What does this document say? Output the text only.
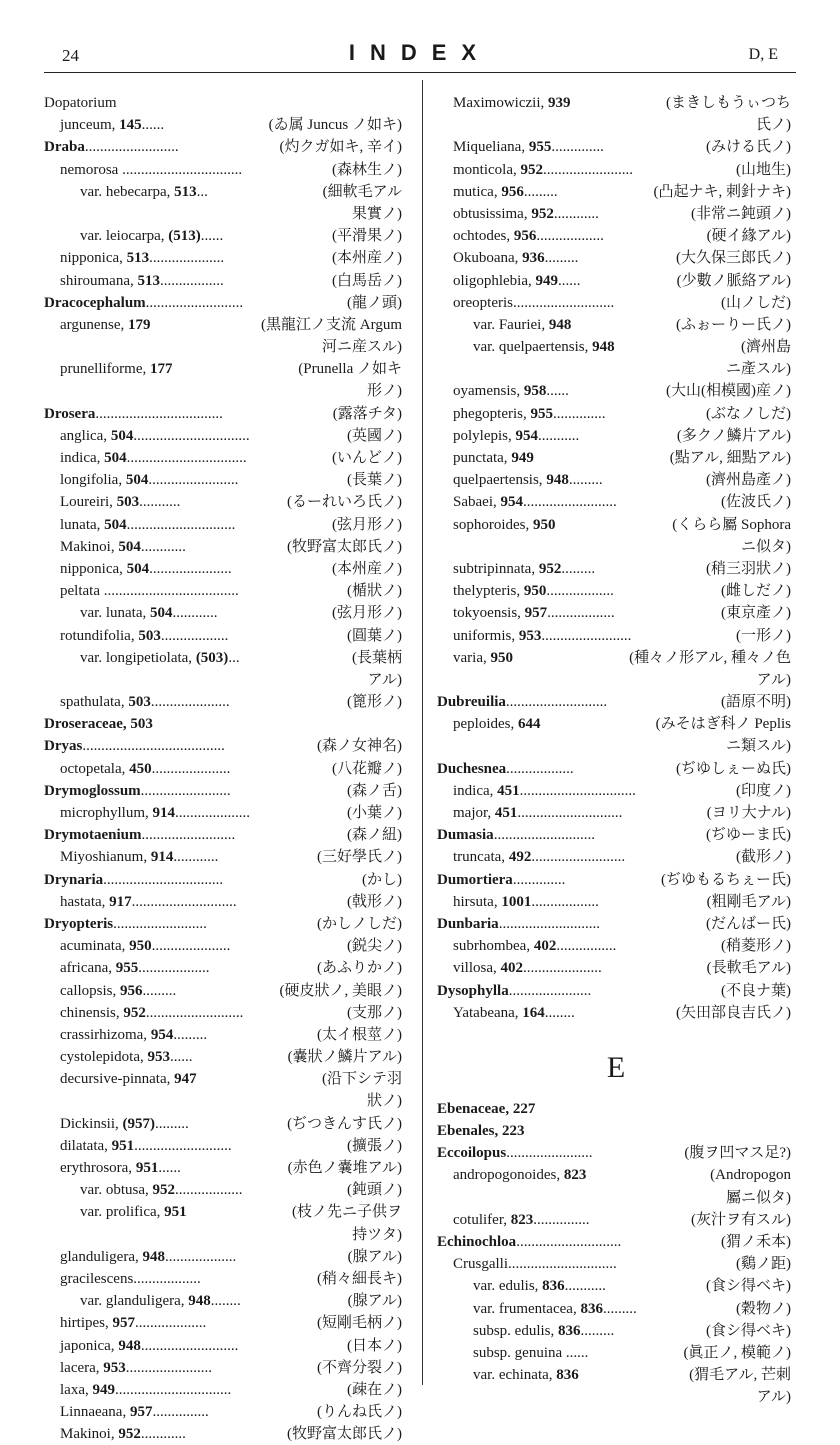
24	INDEX	D, E
Dopatorium
junceum, 145......	(ゐ属 Juncus ノ如キ)
Draba.........................	(灼クガ如キ, 辛イ)
nemorosa ................................	(森林生ノ)
var. hebecarpa, 513...	(細軟毛アル
果實ノ)
var. leiocarpa, (513)......	(平滑果ノ)
nipponica, 513....................	(本州産ノ)
shiroumana, 513.................	(白馬岳ノ)
Dracocephalum..........................	(龍ノ頭)
argunense, 179	(黒龍江ノ支流 Argum
河ニ産スル)
prunelliforme, 177	(Prunella ノ如キ
形ノ)
Drosera..................................	(露落チタ)
anglica, 504...............................	(英國ノ)
indica, 504................................	(いんどノ)
longifolia, 504........................	(長葉ノ)
Loureiri, 503...........	(るーれいろ氏ノ)
lunata, 504.............................	(弦月形ノ)
Makinoi, 504............	(牧野富太郎氏ノ)
nipponica, 504......................	(本州産ノ)
peltata ....................................	(楯狀ノ)
var. lunata, 504............	(弦月形ノ)
rotundifolia, 503..................	(圓葉ノ)
var. longipetiolata, (503)...	(長葉柄
アル)
spathulata, 503.....................	(篦形ノ)
Droseraceae, 503
Dryas......................................	(森ノ女神名)
octopetala, 450.....................	(八花瓣ノ)
Drymoglossum........................	(森ノ舌)
microphyllum, 914....................	(小葉ノ)
Drymotaenium.........................	(森ノ紐)
Miyoshianum, 914............	(三好學氏ノ)
Drynaria................................	(かし)
hastata, 917............................	(戟形ノ)
Dryopteris.........................	(かしノしだ)
acuminata, 950.....................	(鋭尖ノ)
africana, 955...................	(あふりかノ)
callopsis, 956.........	(硬皮狀ノ, 美眼ノ)
chinensis, 952..........................	(支那ノ)
crassirhizoma, 954.........	(太イ根莖ノ)
cystolepidota, 953......	(嚢狀ノ鱗片アル)
decursive-pinnata, 947	(沿下シテ羽
狀ノ)
Dickinsii, (957).........	(ぢつきんす氏ノ)
dilatata, 951..........................	(擴張ノ)
erythrosora, 951......	(赤色ノ嚢堆アル)
var. obtusa, 952..................	(鈍頭ノ)
var. prolifica, 951	(枝ノ先ニ子供ヲ
持ツタ)
glanduligera, 948...................	(腺アル)
gracilescens..................	(稍々細長キ)
var. glanduligera, 948........	(腺アル)
hirtipes, 957...................	(短剛毛柄ノ)
japonica, 948..........................	(日本ノ)
lacera, 953.......................	(不齊分裂ノ)
laxa, 949...............................	(疎在ノ)
Linnaeana, 957...............	(りんね氏ノ)
Makinoi, 952............	(牧野富太郎氏ノ)
Maximowiczii, 939	(まきしもうぃつち
氏ノ)
Miqueliana, 955..............	(みける氏ノ)
monticola, 952........................	(山地生)
mutica, 956.........	(凸起ナキ, 刺針ナキ)
obtusissima, 952............	(非常ニ鈍頭ノ)
ochtodes, 956..................	(硬イ緣アル)
Okuboana, 936.........	(大久保三郎氏ノ)
oligophlebia, 949......	(少數ノ脈絡アル)
oreopteris...........................	(山ノしだ)
var. Fauriei, 948	(ふぉーりー氏ノ)
var. quelpaertensis, 948	(濟州島
ニ產スル)
oyamensis, 958......	(大山(相模國)産ノ)
phegopteris, 955..............	(ぶなノしだ)
polylepis, 954...........	(多クノ鱗片アル)
punctata, 949	(點アル, 細點アル)
quelpaertensis, 948.........	(濟州島產ノ)
Sabaei, 954.........................	(佐波氏ノ)
sophoroides, 950	(くらら屬 Sophora
ニ似タ)
subtripinnata, 952.........	(稍三羽狀ノ)
thelypteris, 950..................	(雌しだノ)
tokyoensis, 957..................	(東京產ノ)
uniformis, 953........................	(一形ノ)
varia, 950	(種々ノ形アル, 種々ノ色
アル)
Dubreuilia...........................	(語原不明)
peploides, 644	(みそはぎ科ノ Peplis
ニ類スル)
Duchesnea..................	(ぢゆしぇーぬ氏)
indica, 451...............................	(印度ノ)
major, 451............................	(ヨリ大ナル)
Dumasia...........................	(ぢゆーま氏)
truncata, 492.........................	(截形ノ)
Dumortiera..............	(ぢゆもるちぇー氏)
hirsuta, 1001..................	(粗剛毛アル)
Dunbaria...........................	(だんばー氏)
subrhombea, 402................	(稍菱形ノ)
villosa, 402.....................	(長軟毛アル)
Dysophylla......................	(不良ナ葉)
Yatabeana, 164........	(矢田部良吉氏ノ)
E
Ebenaceae, 227
Ebenales, 223
Eccoilopus.......................	(腹ヲ凹マス足?)
andropogonoides, 823	(Andropogon
屬ニ似タ)
cotulifer, 823...............	(灰汁ヲ有スル)
Echinochloa............................	(猬ノ禾本)
Crusgalli.............................	(鷄ノ距)
var. edulis, 836...........	(食シ得ベキ)
var. frumentacea, 836.........	(穀物ノ)
subsp. edulis, 836.........	(食シ得ベキ)
subsp. genuina ......	(眞正ノ, 模範ノ)
var. echinata, 836	(猬毛アル, 芒刺
アル)
